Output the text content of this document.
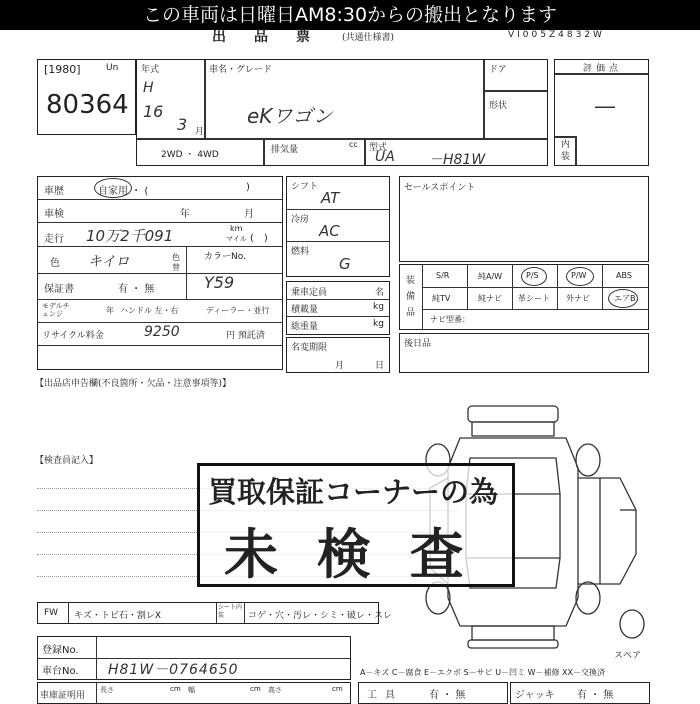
この車両は日曜日AM8:30からの搬出となります
出品票 (共通仕様書)	VI005Z4832W
[1980]	Un
80364
年式
H
16
3 月
車名・グレード
eKワゴン
ドア
形状
2WD ・ 4WD	排気量
cc 型式
UA －H81W
評価点
―
内装
車歴	自家用 ・ (	)
車検	年	月
走行 10万2千091	km
マイル (　)
色 キイロ	色替
カラーNo.
Y59
保証書	有 ・ 無
モデルチェンジ	年 ハンドル 左・右	ディーラー・並行
リサイクル料金	9250	円 預託済
シフト
AT
冷房
AC
燃料
G
乗車定員	名
積載量	kg
総重量	kg
名変期限
月	日
セールスポイント
装備品
S/R	純A/W	P/S	P/W	ABS
純TV	純ナビ 革シート 外ナビ	エアB
ナビ型番：
後日品
【出品店申告欄(不良箇所・欠品・注意事項等)】
【検査員記入】
スペア
買取保証コーナーの為
未 検 査
FW キズ・トビ石・割レX
シート内装	コゲ・穴・汚レ・シミ・破レ・スレ
登録No.
車台No. H81W－0764650
車庫証明用
長さ	cm 幅	cm 高さ	cm
A－キズ C－腐食 E－エクボ S－サビ U－凹ミ W－補修 XX－交換済
工具	有 ・ 無	ジャッキ 有 ・ 無
